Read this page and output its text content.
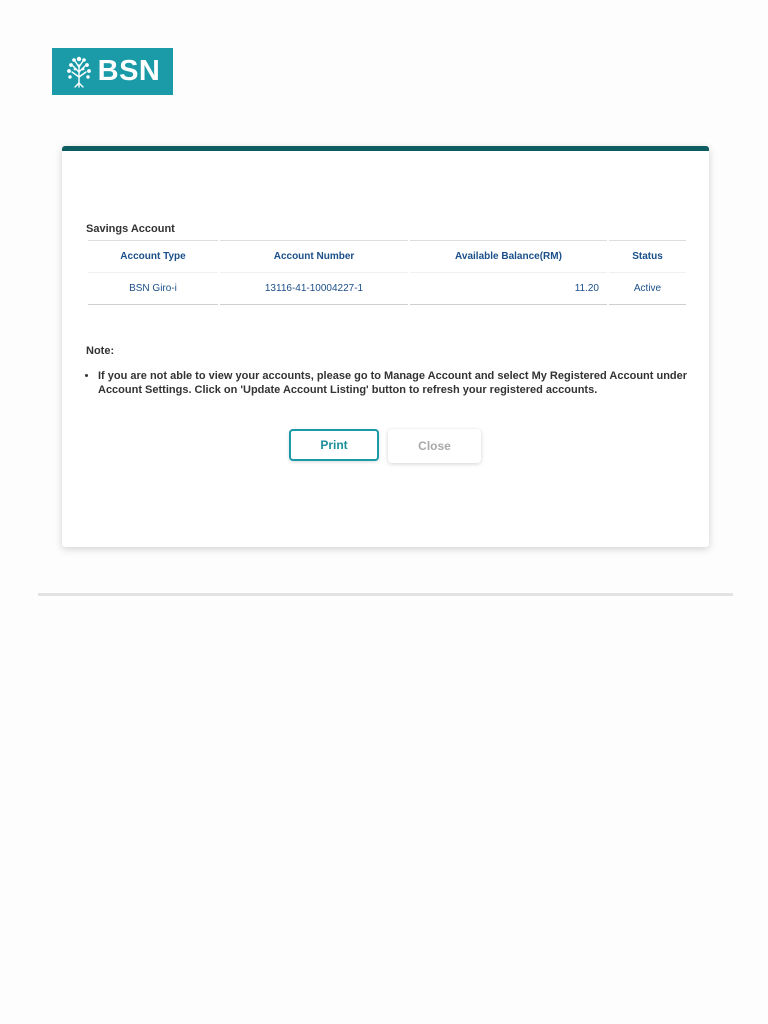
BSN
Savings Account
Account Type	Account Number	Available Balance(RM)	Status
BSN Giro-i	13116-41-10004227-1	11.20	Active
Note:
• If you are not able to view your accounts, please go to Manage Account and select My Registered Account under Account Settings. Click on 'Update Account Listing' button to refresh your registered accounts.
Print	Close
